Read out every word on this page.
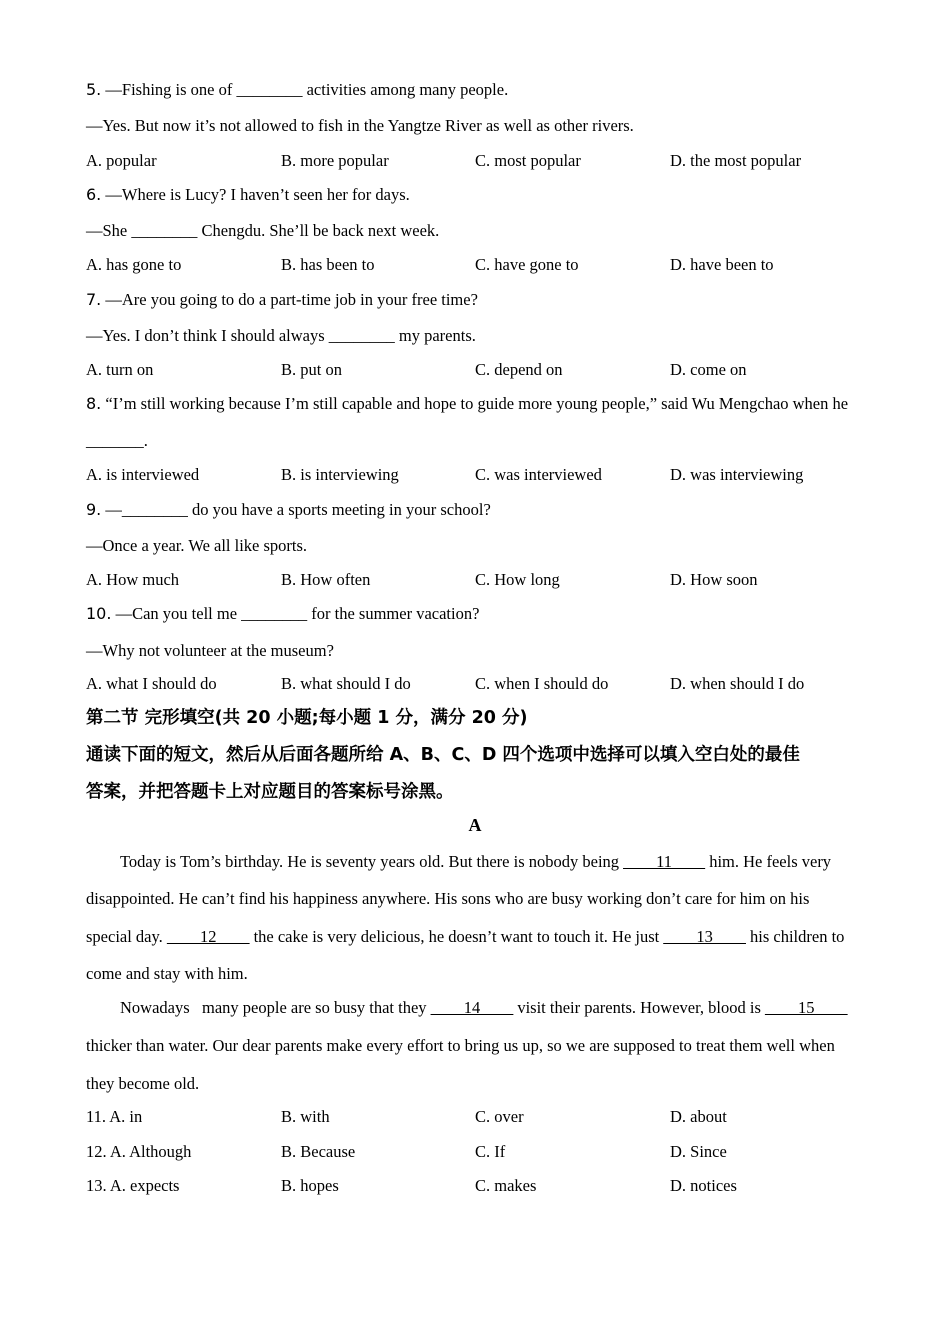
5. —Fishing is one of ________ activities among many people.
—Yes. But now it’s not allowed to fish in the Yangtze River as well as other rivers.
A. popular	B. more popular	C. most popular	D. the most popular
6. —Where is Lucy? I haven’t seen her for days.
—She ________ Chengdu. She’ll be back next week.
A. has gone to	B. has been to	C. have gone to	D. have been to
7. —Are you going to do a part-time job in your free time?
—Yes. I don’t think I should always ________ my parents.
A. turn on	B. put on	C. depend on	D. come on
8. “I’m still working because I’m still capable and hope to guide more young people,” said Wu Mengchao when he
_______.
A. is interviewed	B. is interviewing	C. was interviewed	D. was interviewing
9. —________ do you have a sports meeting in your school?
—Once a year. We all like sports.
A. How much	B. How often	C. How long	D. How soon
10. —Can you tell me ________ for the summer vacation?
—Why not volunteer at the museum?
A. what I should do	B. what should I do	C. when I should do	D. when should I do
第二节 完形填空(共 20 小题;每小题 1 分，满分 20 分)
通读下面的短文，然后从后面各题所给 A、B、C、D 四个选项中选择可以填入空白处的最佳
答案，并把答题卡上对应题目的答案标号涂黑。
A
Today is Tom’s birthday. He is seventy years old. But there is nobody being ____11____ him. He feels very
disappointed. He can’t find his happiness anywhere. His sons who are busy working don’t care for him on his
special day. ____12____ the cake is very delicious, he doesn’t want to touch it. He just ____13____ his children to
come and stay with him.
Nowadays   many people are so busy that they ____14____ visit their parents. However, blood is ____15____
thicker than water. Our dear parents make every effort to bring us up, so we are supposed to treat them well when
they become old.
11. A. in	B. with	C. over	D. about
12. A. Although	B. Because	C. If	D. Since
13. A. expects	B. hopes	C. makes	D. notices
